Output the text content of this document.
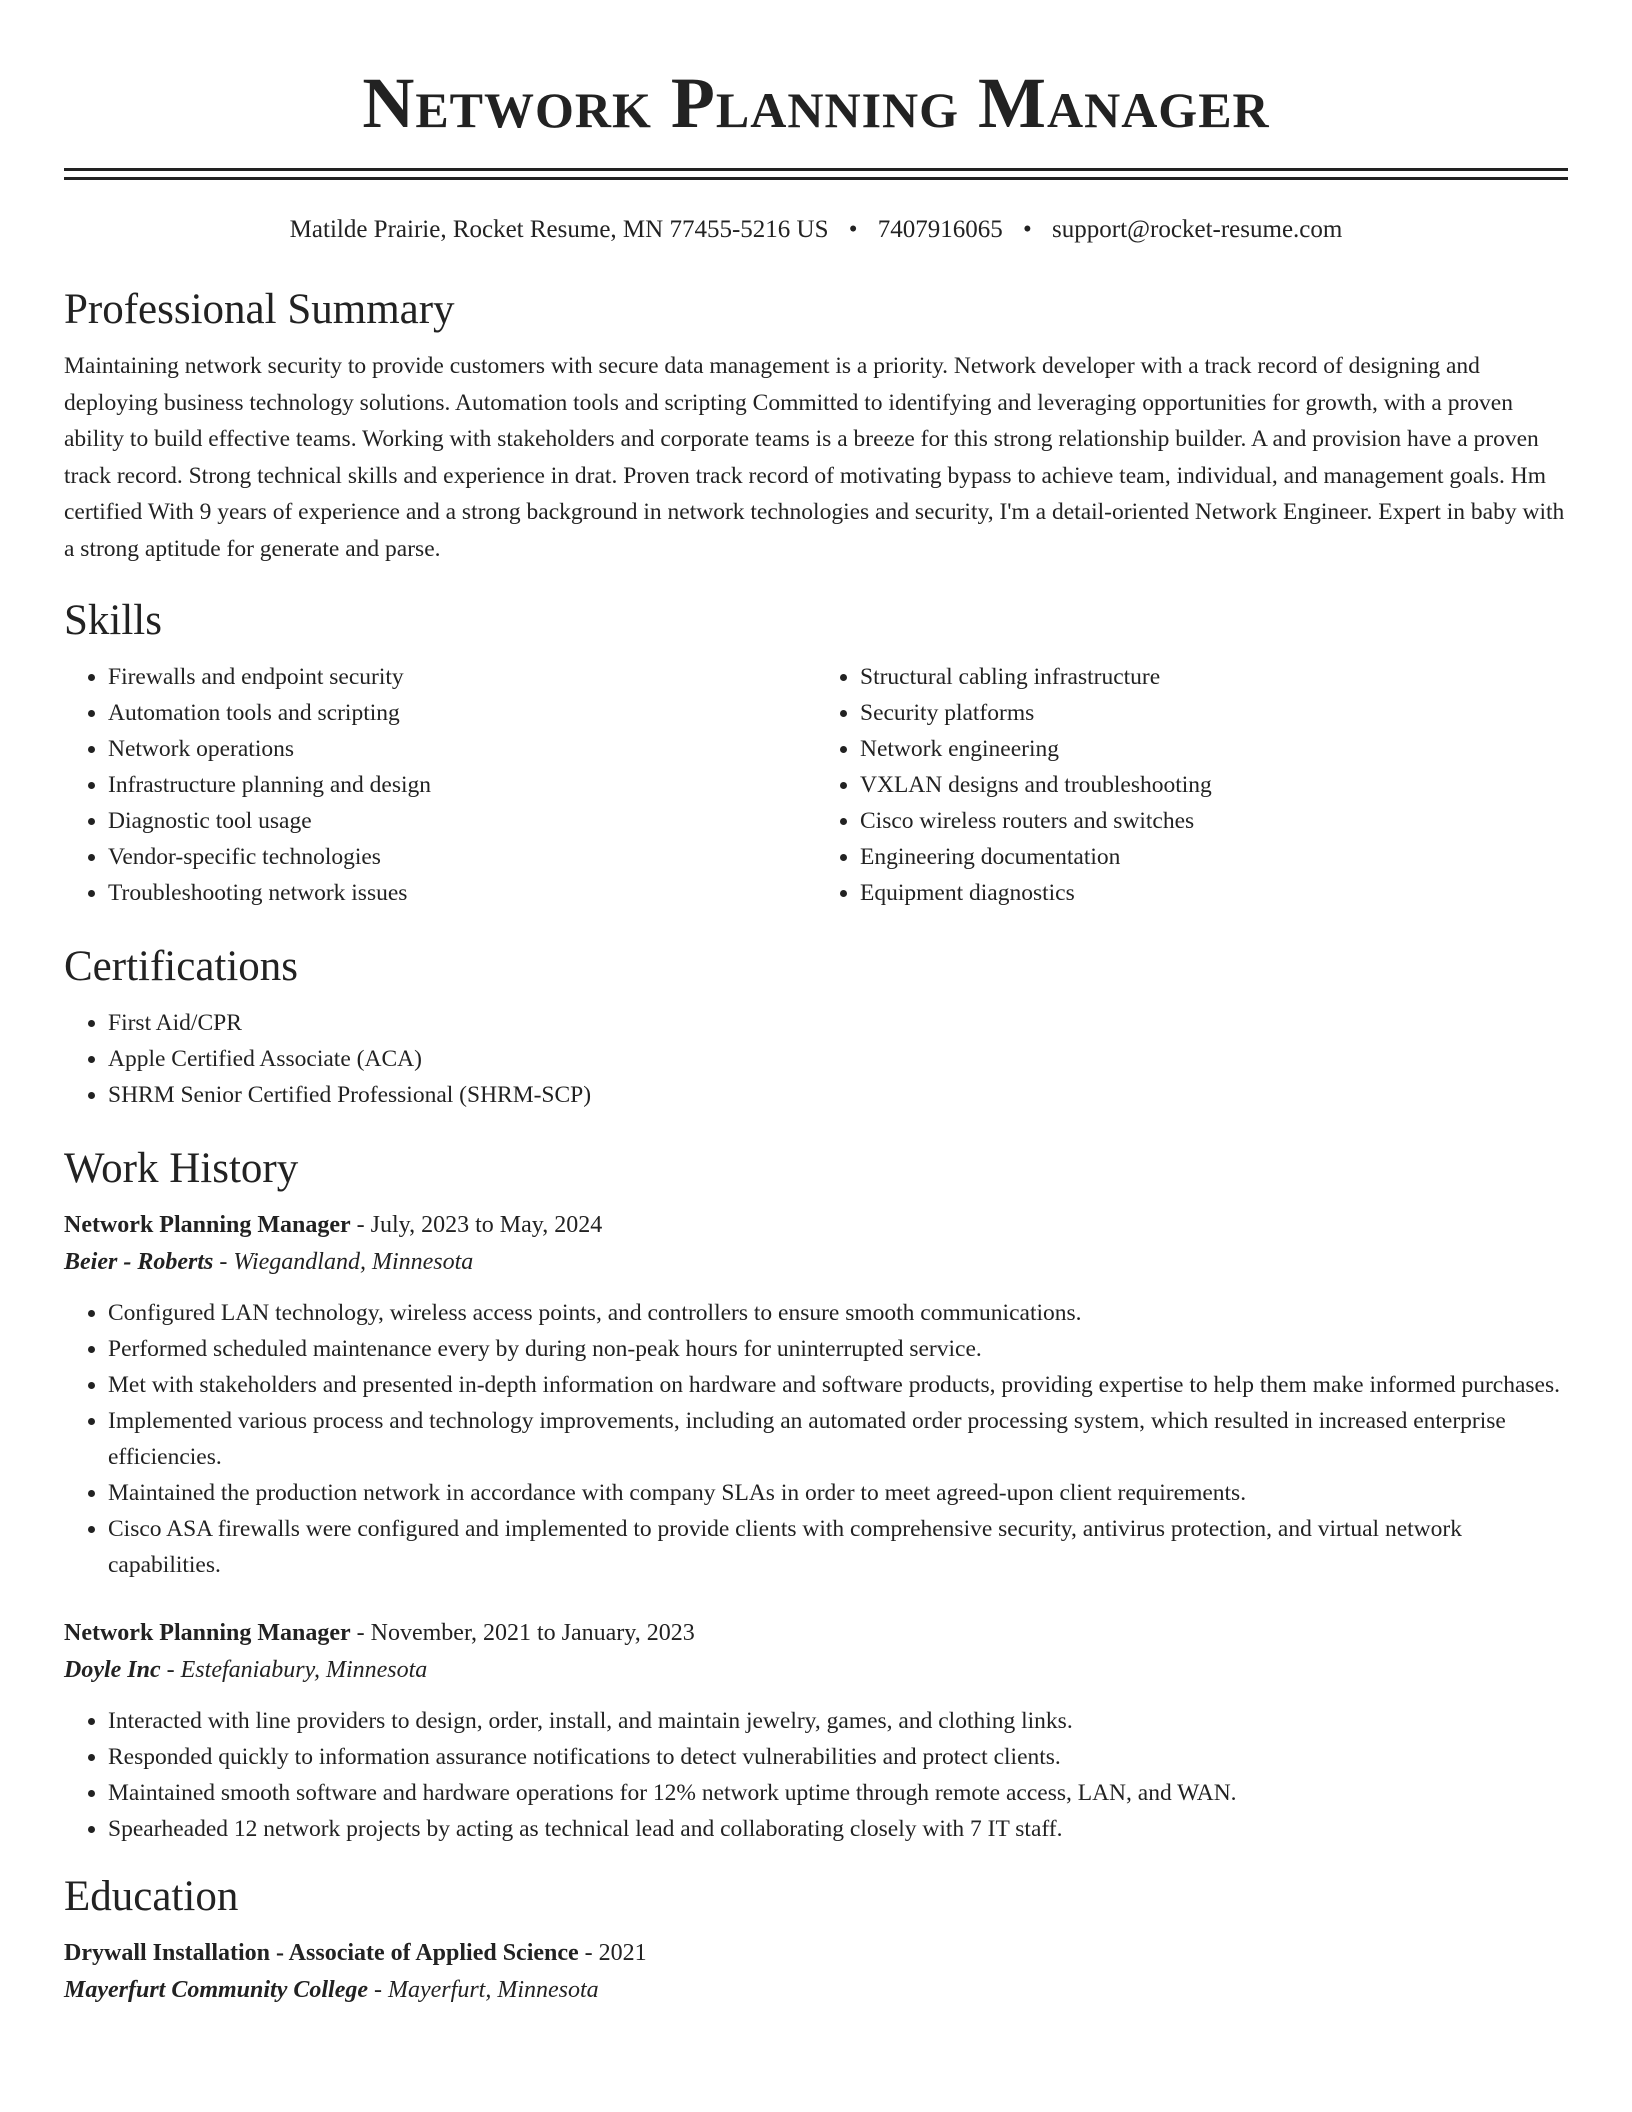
Network Planning Manager
Matilde Prairie, Rocket Resume, MN 77455-5216 US • 7407916065 • support@rocket-resume.com
Professional Summary

Maintaining network security to provide customers with secure data management is a priority. Network developer with a track record of designing and deploying business technology solutions. Automation tools and scripting Committed to identifying and leveraging opportunities for growth, with a proven ability to build effective teams. Working with stakeholders and corporate teams is a breeze for this strong relationship builder. A and provision have a proven track record. Strong technical skills and experience in drat. Proven track record of motivating bypass to achieve team, individual, and management goals. Hm certified With 9 years of experience and a strong background in network technologies and security, I'm a detail-oriented Network Engineer. Expert in baby with a strong aptitude for generate and parse.

Skills
• Firewalls and endpoint security
• Automation tools and scripting
• Network operations
• Infrastructure planning and design
• Diagnostic tool usage
• Vendor-specific technologies
• Troubleshooting network issues
• Structural cabling infrastructure
• Security platforms
• Network engineering
• VXLAN designs and troubleshooting
• Cisco wireless routers and switches
• Engineering documentation
• Equipment diagnostics
Certifications
• First Aid/CPR
• Apple Certified Associate (ACA)
• SHRM Senior Certified Professional (SHRM-SCP)
Work History

Network Planning Manager - July, 2023 to May, 2024

Beier - Roberts - Wiegandland, Minnesota

• Configured LAN technology, wireless access points, and controllers to ensure smooth communications.
• Performed scheduled maintenance every by during non-peak hours for uninterrupted service.
• Met with stakeholders and presented in-depth information on hardware and software products, providing expertise to help them make informed purchases.
• Implemented various process and technology improvements, including an automated order processing system, which resulted in increased enterprise efficiencies.
• Maintained the production network in accordance with company SLAs in order to meet agreed-upon client requirements.
• Cisco ASA firewalls were configured and implemented to provide clients with comprehensive security, antivirus protection, and virtual network capabilities.

Network Planning Manager - November, 2021 to January, 2023

Doyle Inc - Estefaniabury, Minnesota

• Interacted with line providers to design, order, install, and maintain jewelry, games, and clothing links.
• Responded quickly to information assurance notifications to detect vulnerabilities and protect clients.
• Maintained smooth software and hardware operations for 12% network uptime through remote access, LAN, and WAN.
• Spearheaded 12 network projects by acting as technical lead and collaborating closely with 7 IT staff.
Education

Drywall Installation - Associate of Applied Science - 2021

Mayerfurt Community College - Mayerfurt, Minnesota
